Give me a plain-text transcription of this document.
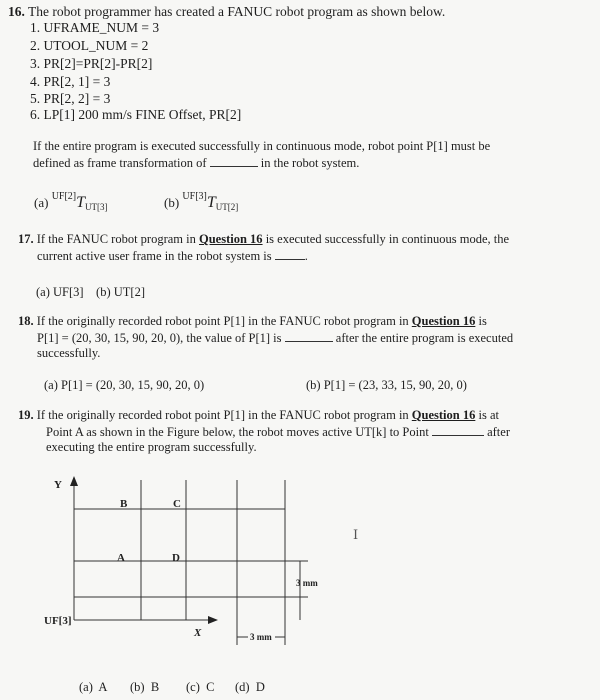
16. The robot programmer has created a FANUC robot program as shown below.
1. UFRAME_NUM = 3
2. UTOOL_NUM = 2
3. PR[2]=PR[2]-PR[2]
4. PR[2, 1] = 3
5. PR[2, 2] = 3
6. LP[1] 200 mm/s FINE Offset, PR[2]
If the entire program is executed successfully in continuous mode, robot point P[1] must be
defined as frame transformation of	in the robot system.
(a) $^{UF[2]}T_{UT[3]}$	(b) $^{UF[3]}T_{UT[2]}$
17. If the FANUC robot program in Question 16 is executed successfully in continuous mode, the
current active user frame in the robot system is	.
(a) UF[3]    (b) UT[2]
18. If the originally recorded robot point P[1] in the FANUC robot program in Question 16 is
P[1] = (20, 30, 15, 90, 20, 0), the value of P[1] is	after the entire program is executed
successfully.
(a) P[1] = (20, 30, 15, 90, 20, 0)	(b) P[1] = (23, 33, 15, 90, 20, 0)
19. If the originally recorded robot point P[1] in the FANUC robot program in Question 16 is at
Point A as shown in the Figure below, the robot moves active UT[k] to Point	after
executing the entire program successfully.
Y
X
UF[3]
A
B	C
D
3 mm
3 mm
I
(a)  A (b)  B (c)  C (d)  D
